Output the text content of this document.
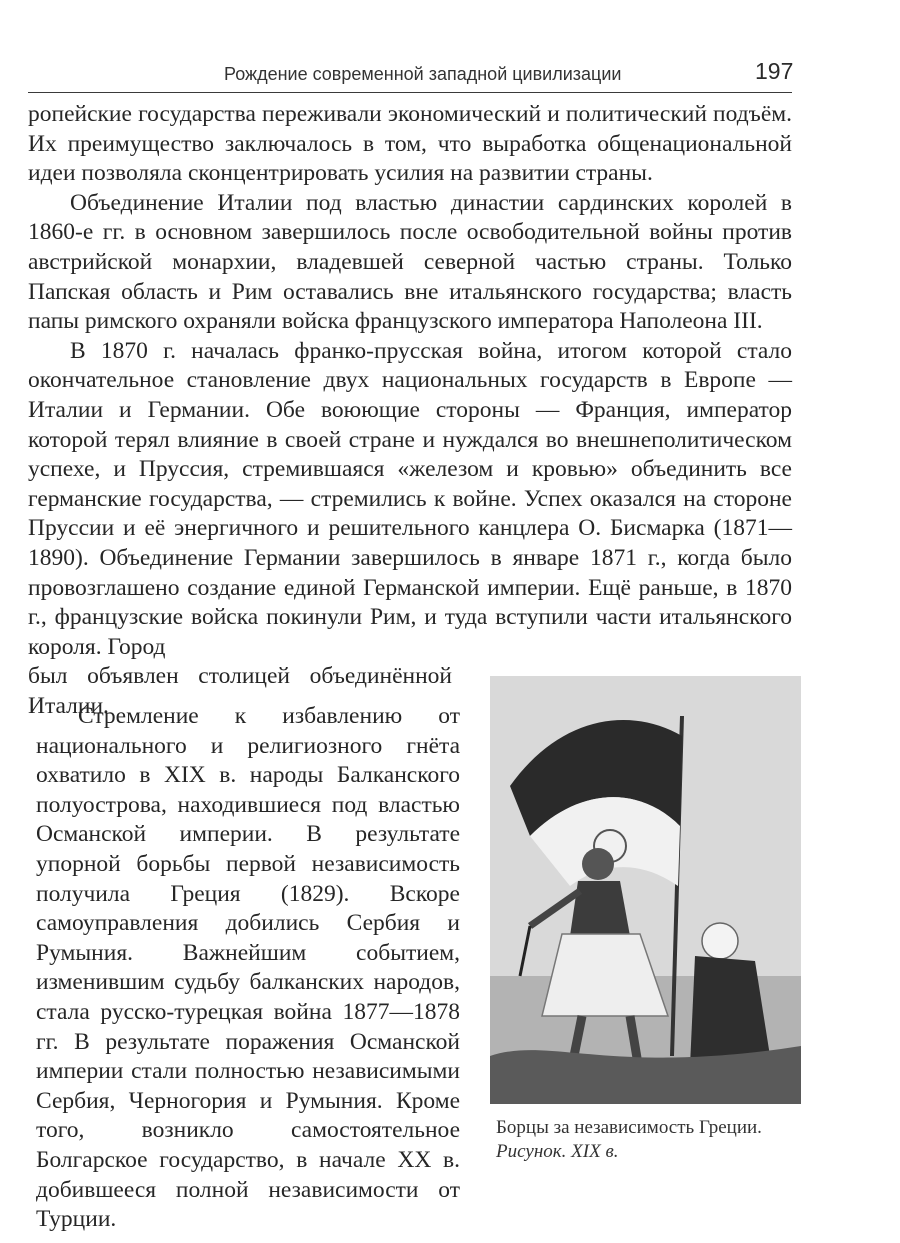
Рождение современной западной цивилизации	197

ропейские государства переживали экономический и политический подъём. Их преимущество заключалось в том, что выработка общенациональной идеи позволяла сконцентрировать усилия на развитии страны.

Объединение Италии под властью династии сардинских королей в 1860-е гг. в основном завершилось после освободительной войны против австрийской монархии, владевшей северной частью страны. Только Папская область и Рим оставались вне итальянского государства; власть папы римского охраняли войска французского императора Наполеона III.

В 1870 г. началась франко-прусская война, итогом которой стало окончательное становление двух национальных государств в Европе — Италии и Германии. Обе воюющие стороны — Франция, император которой терял влияние в своей стране и нуждался во внешнеполитическом успехе, и Пруссия, стремившаяся «железом и кровью» объединить все германские государства, — стремились к войне. Успех оказался на стороне Пруссии и её энергичного и решительного канцлера О. Бисмарка (1871—1890). Объединение Германии завершилось в январе 1871 г., когда было провозглашено создание единой Германской империи. Ещё раньше, в 1870 г., французские войска покинули Рим, и туда вступили части итальянского короля. Город

был объявлен столицей объединённой Италии.

Стремление к избавлению от национального и религиозного гнёта охватило в XIX в. народы Балканского полуострова, находившиеся под властью Османской империи. В результате упорной борьбы первой независимость получила Греция (1829). Вскоре самоуправления добились Сербия и Румыния. Важнейшим событием, изменившим судьбу балканских народов, стала русско-турецкая война 1877—1878 гг. В результате поражения Османской империи стали полностью независимыми Сербия, Черногория и Румыния. Кроме того, возникло самостоятельное Болгарское государство, в начале XX в. добившееся полной независимости от Турции.

Борцы за независимость Греции.
Рисунок. XIX в.
